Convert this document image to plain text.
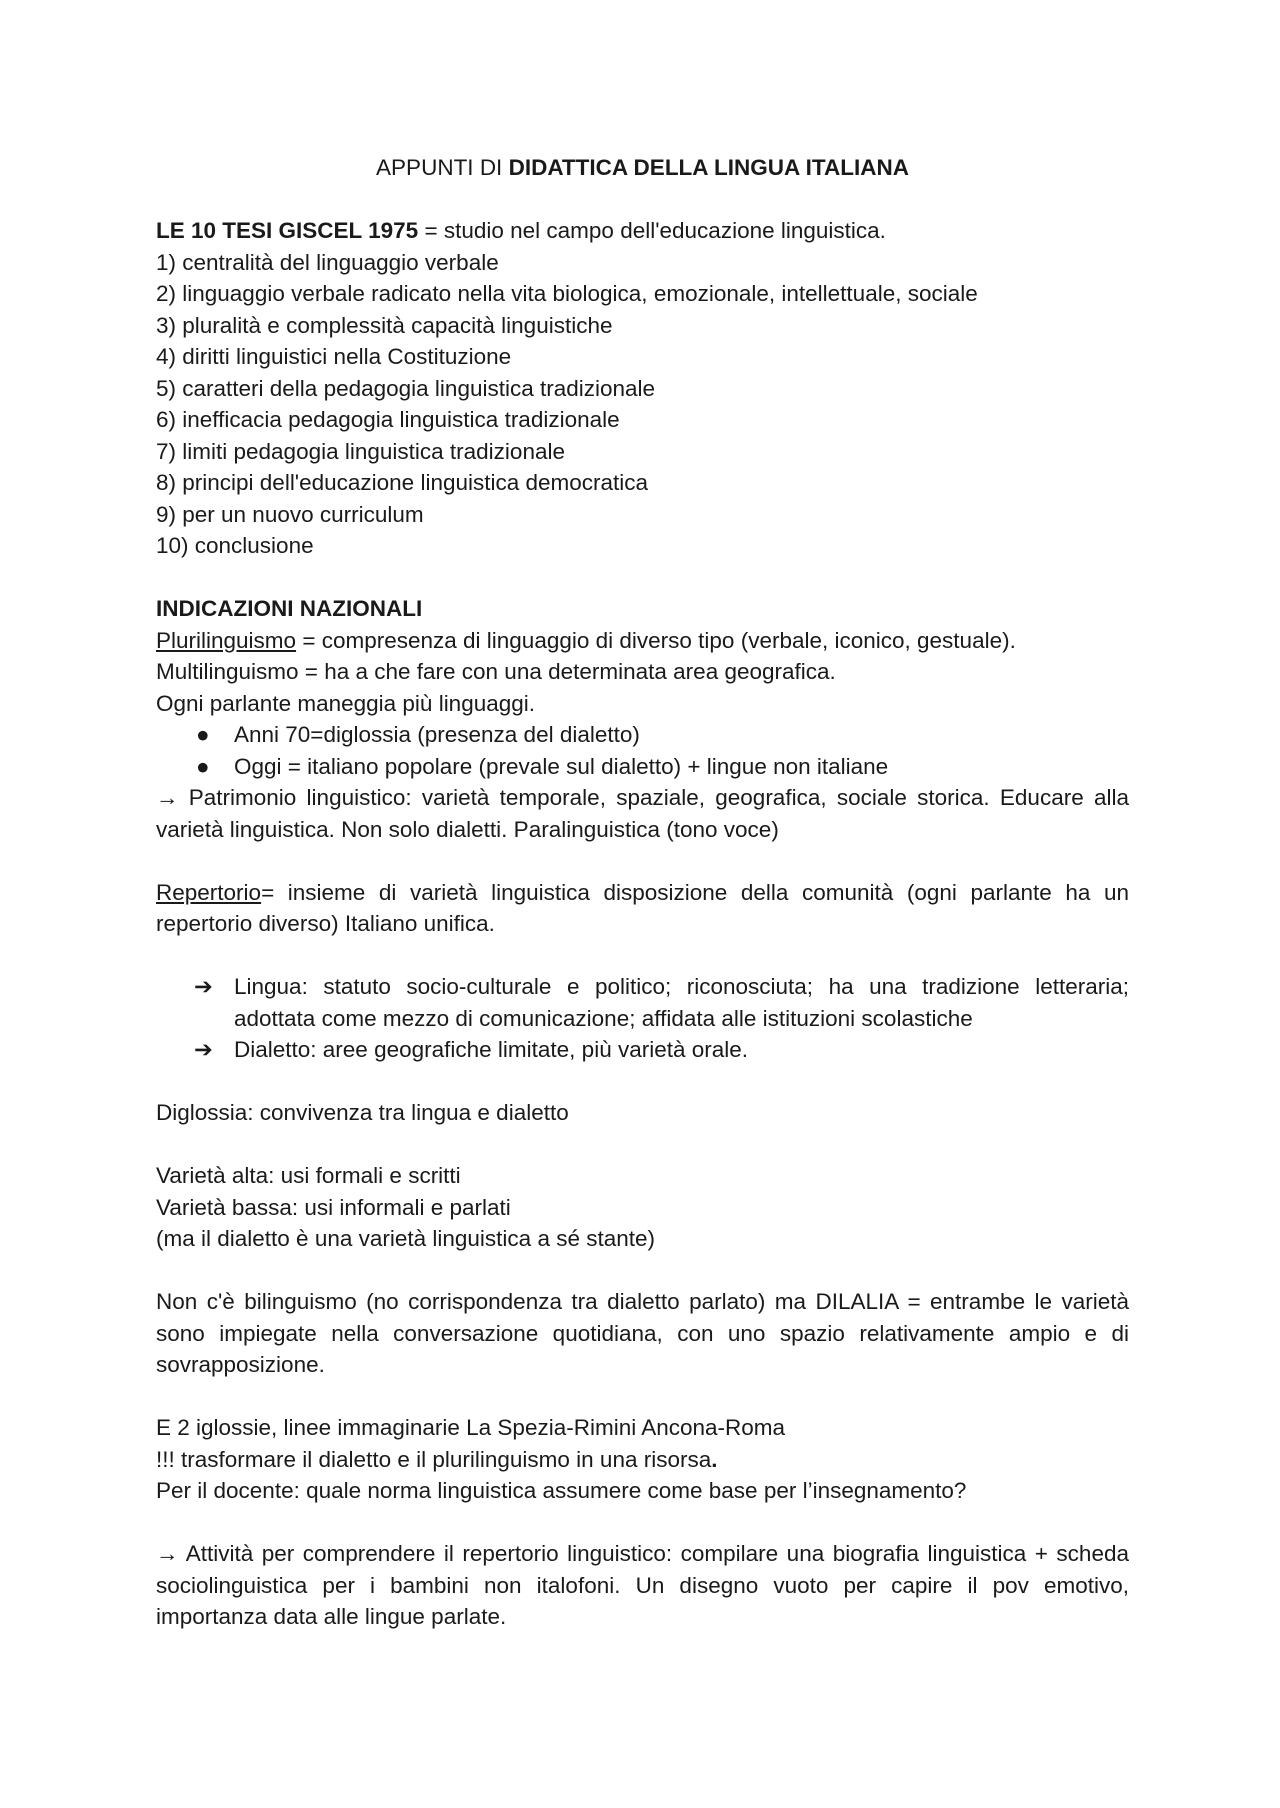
APPUNTI DI DIDATTICA DELLA LINGUA ITALIANA

LE 10 TESI GISCEL 1975 = studio nel campo dell'educazione linguistica.

1) centralità del linguaggio verbale

2) linguaggio verbale radicato nella vita biologica, emozionale, intellettuale, sociale

3) pluralità e complessità capacità linguistiche

4) diritti linguistici nella Costituzione

5) caratteri della pedagogia linguistica tradizionale

6) inefficacia pedagogia linguistica tradizionale

7) limiti pedagogia linguistica tradizionale

8) principi dell'educazione linguistica democratica

9) per un nuovo curriculum

10) conclusione

INDICAZIONI NAZIONALI

Plurilinguismo = compresenza di linguaggio di diverso tipo (verbale, iconico, gestuale).

Multilinguismo = ha a che fare con una determinata area geografica.

Ogni parlante maneggia più linguaggi.

● Anni 70=diglossia (presenza del dialetto)
● Oggi = italiano popolare (prevale sul dialetto) + lingue non italiane

→ Patrimonio linguistico: varietà temporale, spaziale, geografica, sociale storica. Educare alla varietà linguistica. Non solo dialetti. Paralinguistica (tono voce)

Repertorio= insieme di varietà linguistica disposizione della comunità (ogni parlante ha un repertorio diverso) Italiano unifica.

➔ Lingua: statuto socio-culturale e politico; riconosciuta; ha una tradizione letteraria; adottata come mezzo di comunicazione; affidata alle istituzioni scolastiche
➔ Dialetto: aree geografiche limitate, più varietà orale.

Diglossia: convivenza tra lingua e dialetto

Varietà alta: usi formali e scritti

Varietà bassa: usi informali e parlati

(ma il dialetto è una varietà linguistica a sé stante)

Non c'è bilinguismo (no corrispondenza tra dialetto parlato) ma DILALIA = entrambe le varietà sono impiegate nella conversazione quotidiana, con uno spazio relativamente ampio e di sovrapposizione.

E 2 iglossie, linee immaginarie La Spezia-Rimini Ancona-Roma

!!! trasformare il dialetto e il plurilinguismo in una risorsa.

Per il docente: quale norma linguistica assumere come base per l’insegnamento?

→ Attività per comprendere il repertorio linguistico: compilare una biografia linguistica + scheda sociolinguistica per i bambini non italofoni. Un disegno vuoto per capire il pov emotivo, importanza data alle lingue parlate.
